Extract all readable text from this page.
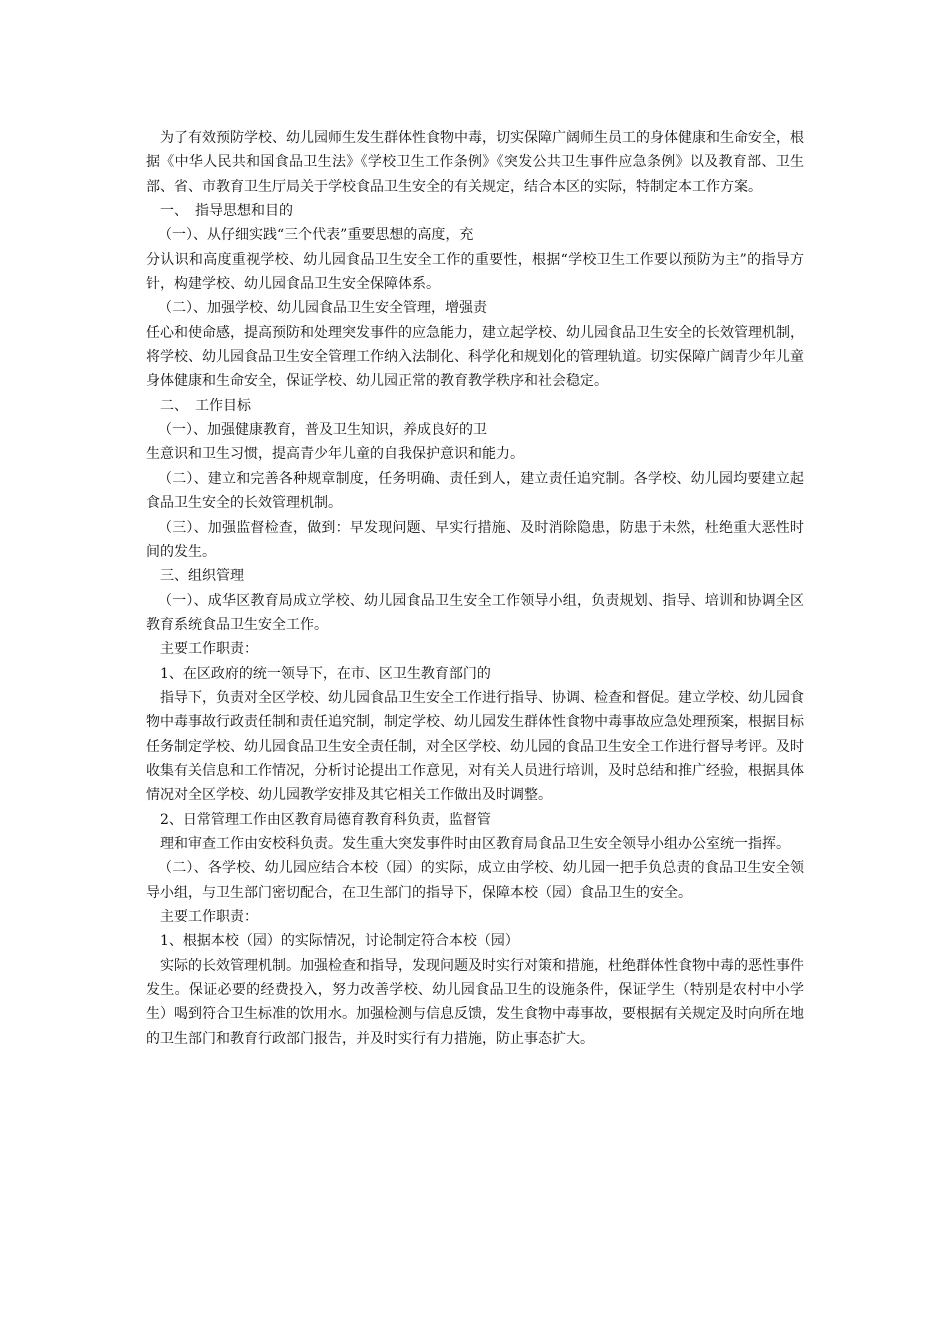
为了有效预防学校、幼儿园师生发生群体性食物中毒，切实保障广阔师生员工的身体健康和生命安全，根据《中华人民共和国食品卫生法》《学校卫生工作条例》《突发公共卫生事件应急条例》以及教育部、卫生部、省、市教育卫生厅局关于学校食品卫生安全的有关规定，结合本区的实际，特制定本工作方案。

一、　指导思想和目的

（一）、从仔细实践“三个代表”重要思想的高度，充

分认识和高度重视学校、幼儿园食品卫生安全工作的重要性，根据“学校卫生工作要以预防为主”的指导方针，构建学校、幼儿园食品卫生安全保障体系。

（二）、加强学校、幼儿园食品卫生安全管理，增强责

任心和使命感，提高预防和处理突发事件的应急能力，建立起学校、幼儿园食品卫生安全的长效管理机制，将学校、幼儿园食品卫生安全管理工作纳入法制化、科学化和规划化的管理轨道。切实保障广阔青少年儿童身体健康和生命安全，保证学校、幼儿园正常的教育教学秩序和社会稳定。

二、　工作目标

（一）、加强健康教育，普及卫生知识，养成良好的卫

生意识和卫生习惯，提高青少年儿童的自我保护意识和能力。

（二）、建立和完善各种规章制度，任务明确、责任到人，建立责任追究制。各学校、幼儿园均要建立起食品卫生安全的长效管理机制。

（三）、加强监督检查，做到：早发现问题、早实行措施、及时消除隐患，防患于未然，杜绝重大恶性时间的发生。

三、组织管理

（一）、成华区教育局成立学校、幼儿园食品卫生安全工作领导小组，负责规划、指导、培训和协调全区教育系统食品卫生安全工作。

主要工作职责：

1、在区政府的统一领导下，在市、区卫生教育部门的

指导下，负责对全区学校、幼儿园食品卫生安全工作进行指导、协调、检查和督促。建立学校、幼儿园食物中毒事故行政责任制和责任追究制，制定学校、幼儿园发生群体性食物中毒事故应急处理预案，根据目标任务制定学校、幼儿园食品卫生安全责任制，对全区学校、幼儿园的食品卫生安全工作进行督导考评。及时收集有关信息和工作情况，分析讨论提出工作意见，对有关人员进行培训，及时总结和推广经验，根据具体情况对全区学校、幼儿园教学安排及其它相关工作做出及时调整。

2、日常管理工作由区教育局德育教育科负责，监督管

理和审查工作由安校科负责。发生重大突发事件时由区教育局食品卫生安全领导小组办公室统一指挥。

（二）、各学校、幼儿园应结合本校（园）的实际，成立由学校、幼儿园一把手负总责的食品卫生安全领导小组，与卫生部门密切配合，在卫生部门的指导下，保障本校（园）食品卫生的安全。

主要工作职责：

1、根据本校（园）的实际情况，讨论制定符合本校（园）

实际的长效管理机制。加强检查和指导，发现问题及时实行对策和措施，杜绝群体性食物中毒的恶性事件发生。保证必要的经费投入，努力改善学校、幼儿园食品卫生的设施条件，保证学生（特别是农村中小学生）喝到符合卫生标准的饮用水。加强检测与信息反馈，发生食物中毒事故，要根据有关规定及时向所在地的卫生部门和教育行政部门报告，并及时实行有力措施，防止事态扩大。
